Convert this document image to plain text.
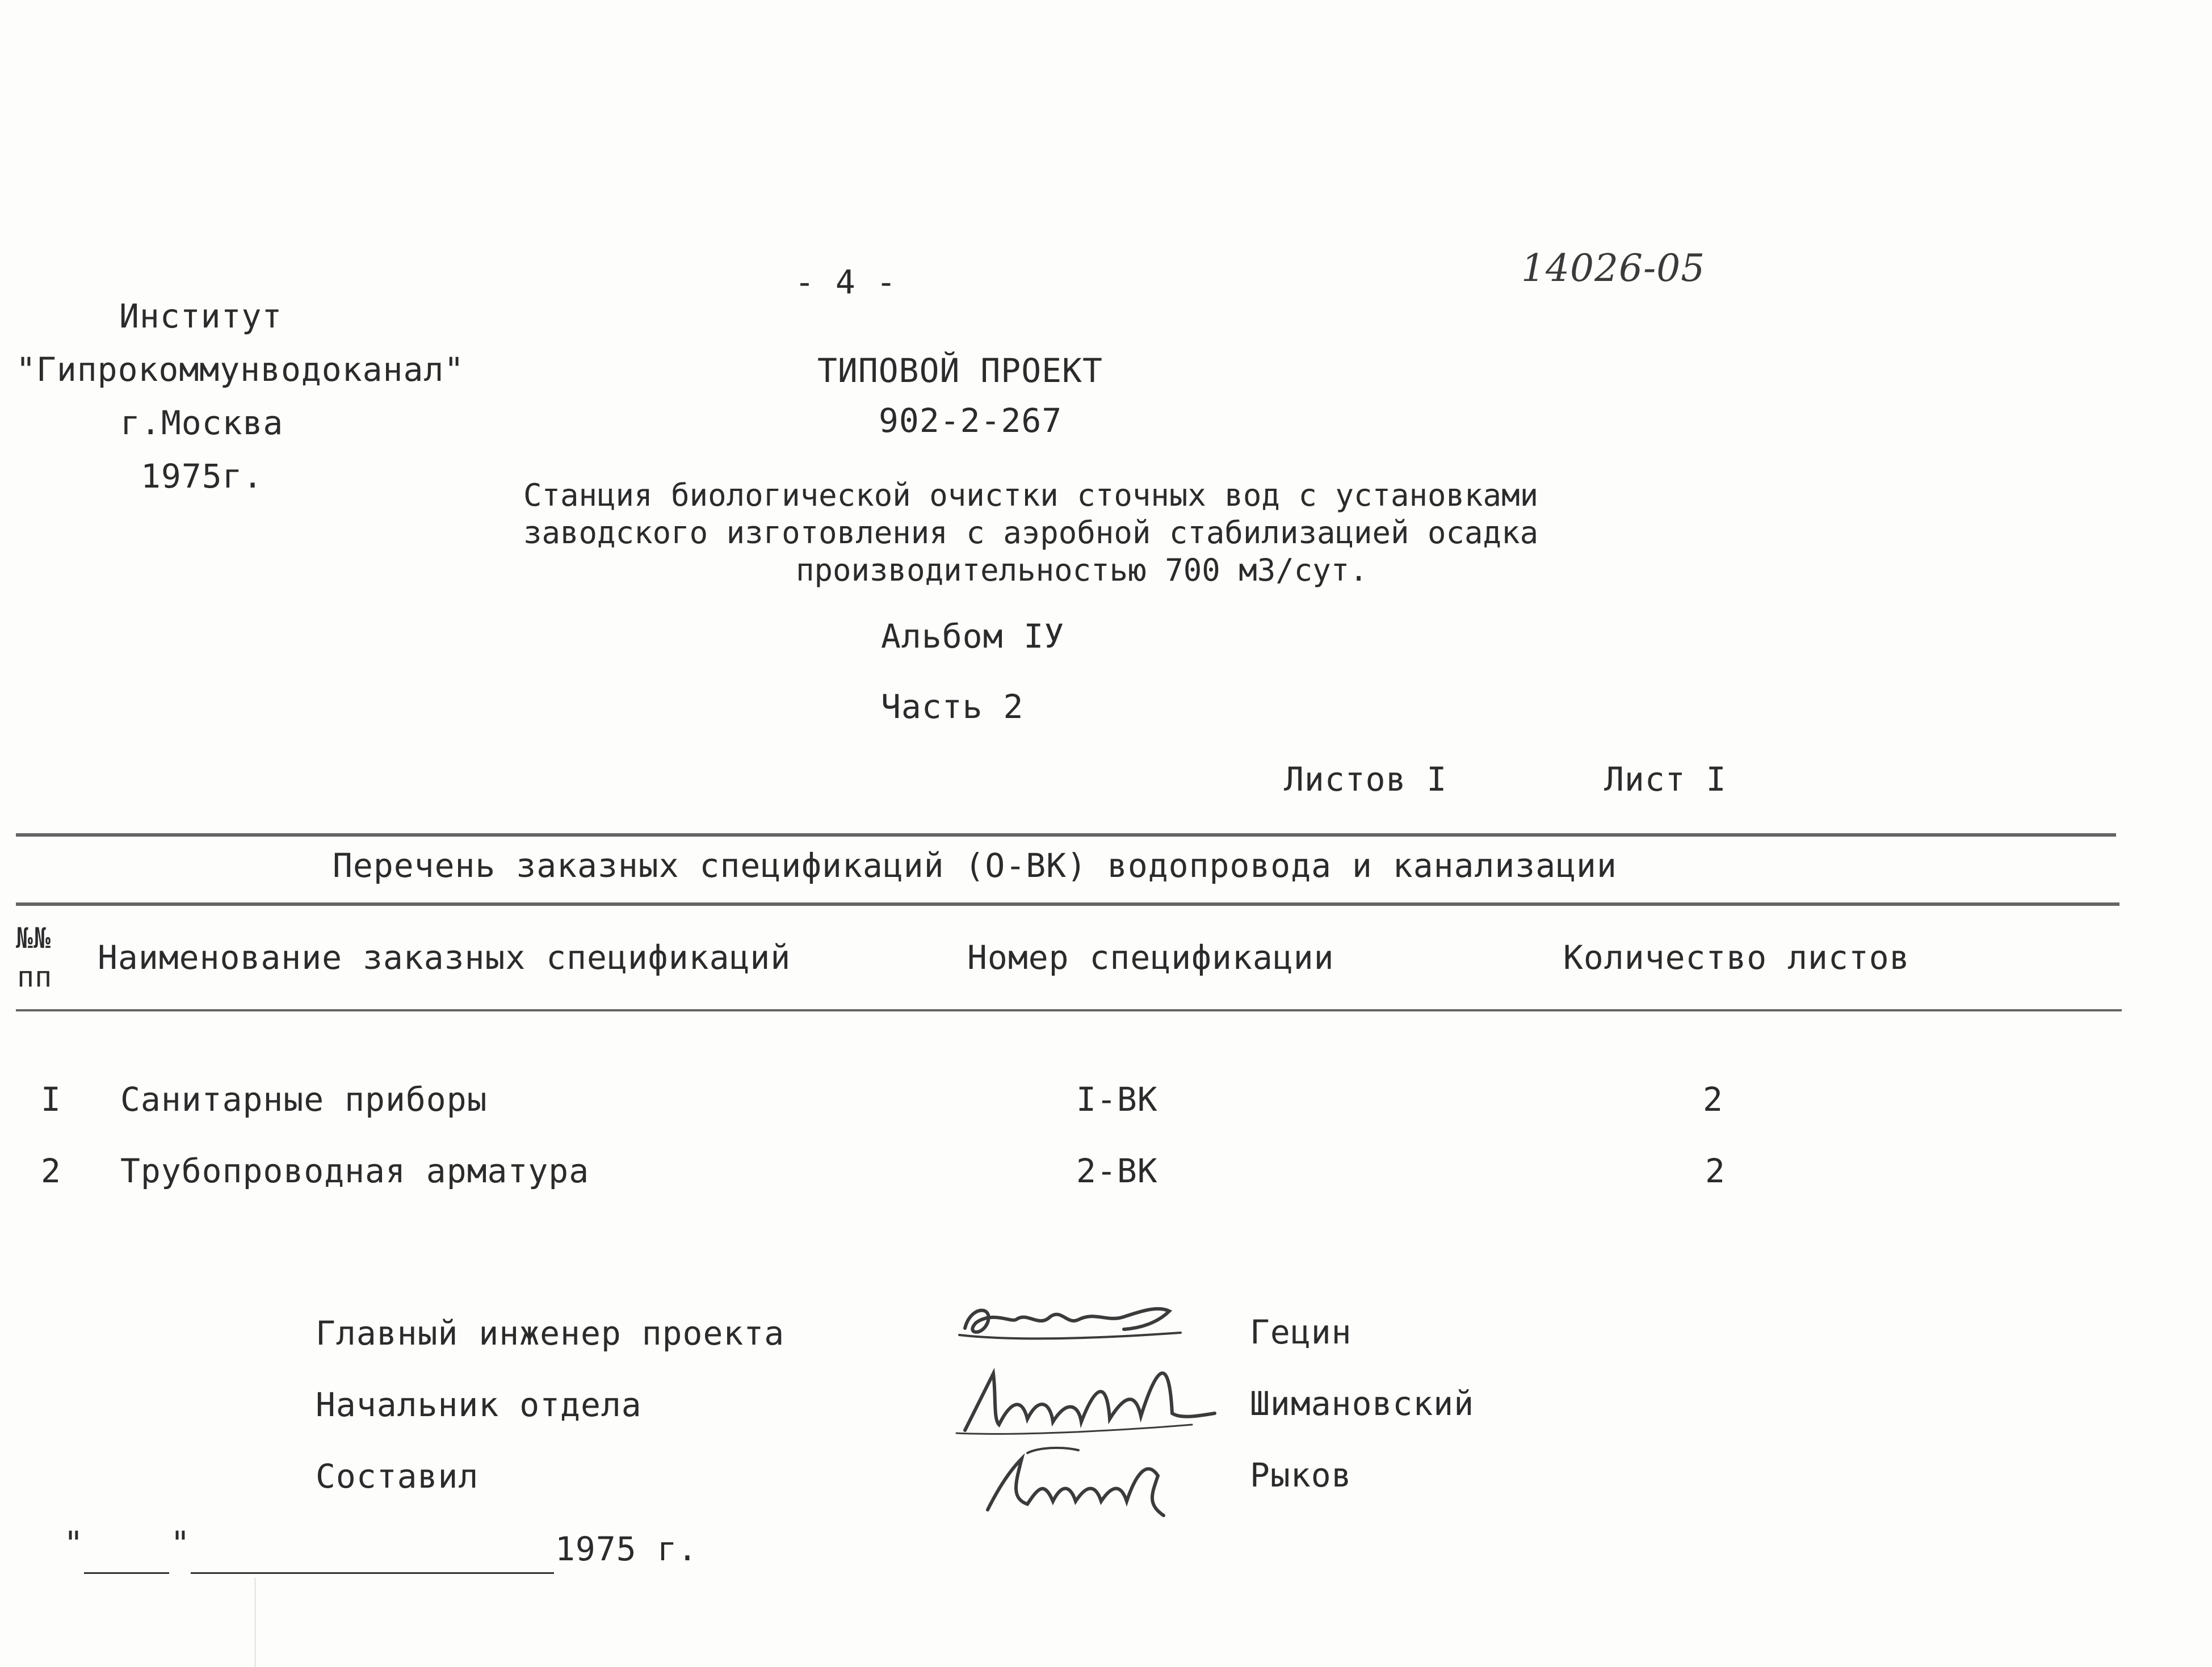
Институт
"Гипрокоммунводоканал"
г.Москва
1975г.
- 4 -	14026-05
ТИПОВОЙ ПРОЕКТ
902-2-267
Станция биологической очистки сточных вод с установками
заводского изготовления с аэробной стабилизацией осадка
производительностью 700 м3/сут.
Альбом IУ
Часть 2
Листов I	Лист I
Перечень заказных спецификаций (О-ВК) водопровода и канализации
№№
пп Наименование заказных спецификаций	Номер спецификации	Количество листов
I Санитарные приборы	I-ВК	2
2 Трубопроводная арматура	2-ВК	2
Главный инженер проекта
Начальник отдела
Составил
Гецин
Шимановский
Рыков
"	"	1975 г.
